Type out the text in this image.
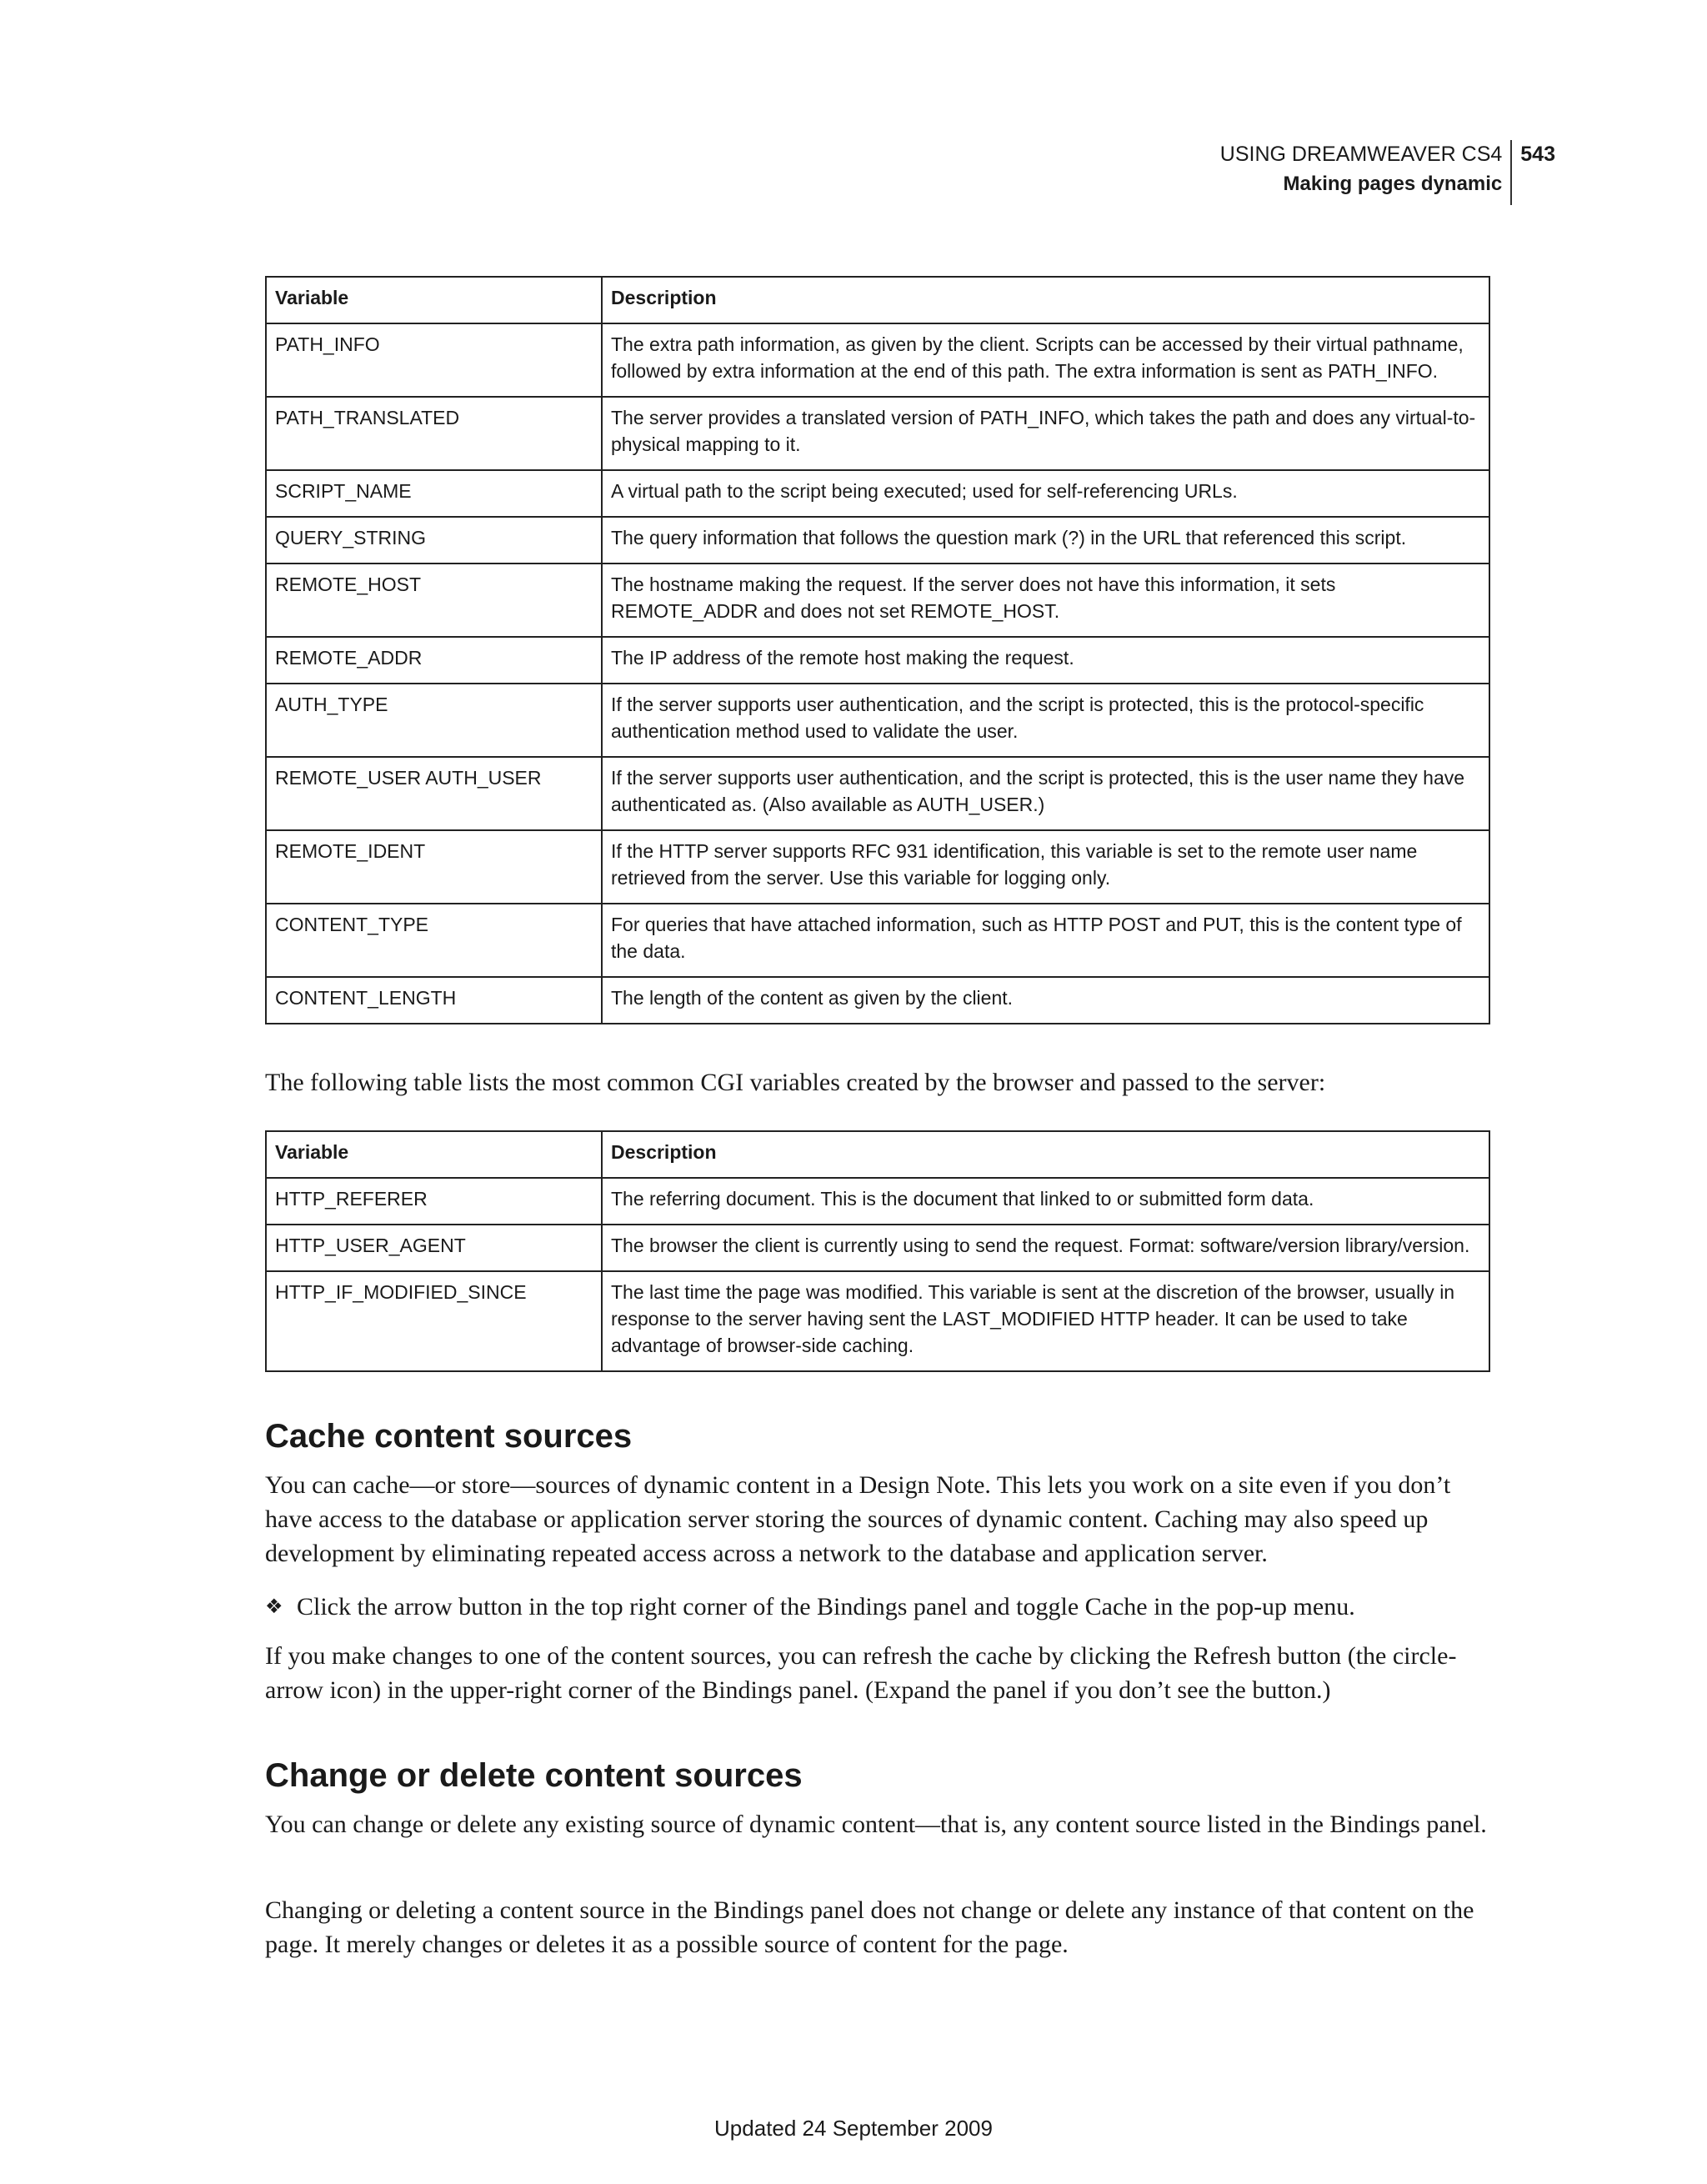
USING DREAMWEAVER CS4
Making pages dynamic
543
Variable	Description
PATH_INFO	The extra path information, as given by the client. Scripts can be accessed by their virtual pathname, followed by extra information at the end of this path. The extra information is sent as PATH_INFO.
PATH_TRANSLATED	The server provides a translated version of PATH_INFO, which takes the path and does any virtual-to-physical mapping to it.
SCRIPT_NAME	A virtual path to the script being executed; used for self-referencing URLs.
QUERY_STRING	The query information that follows the question mark (?) in the URL that referenced this script.
REMOTE_HOST	The hostname making the request. If the server does not have this information, it sets REMOTE_ADDR and does not set REMOTE_HOST.
REMOTE_ADDR	The IP address of the remote host making the request.
AUTH_TYPE	If the server supports user authentication, and the script is protected, this is the protocol-specific authentication method used to validate the user.
REMOTE_USER AUTH_USER	If the server supports user authentication, and the script is protected, this is the user name they have authenticated as. (Also available as AUTH_USER.)
REMOTE_IDENT	If the HTTP server supports RFC 931 identification, this variable is set to the remote user name retrieved from the server. Use this variable for logging only.
CONTENT_TYPE	For queries that have attached information, such as HTTP POST and PUT, this is the content type of the data.
CONTENT_LENGTH	The length of the content as given by the client.

The following table lists the most common CGI variables created by the browser and passed to the server:

Variable	Description
HTTP_REFERER	The referring document. This is the document that linked to or submitted form data.
HTTP_USER_AGENT	The browser the client is currently using to send the request. Format: software/version library/version.
HTTP_IF_MODIFIED_SINCE	The last time the page was modified. This variable is sent at the discretion of the browser, usually in response to the server having sent the LAST_MODIFIED HTTP header. It can be used to take advantage of browser-side caching.
Cache content sources

You can cache—or store—sources of dynamic content in a Design Note. This lets you work on a site even if you don’t have access to the database or application server storing the sources of dynamic content. Caching may also speed up development by eliminating repeated access across a network to the database and application server.

❖ Click the arrow button in the top right corner of the Bindings panel and toggle Cache in the pop-up menu.

If you make changes to one of the content sources, you can refresh the cache by clicking the Refresh button (the circle-arrow icon) in the upper-right corner of the Bindings panel. (Expand the panel if you don’t see the button.)

Change or delete content sources

You can change or delete any existing source of dynamic content—that is, any content source listed in the Bindings panel.

Changing or deleting a content source in the Bindings panel does not change or delete any instance of that content on the page. It merely changes or deletes it as a possible source of content for the page.

Updated 24 September 2009
